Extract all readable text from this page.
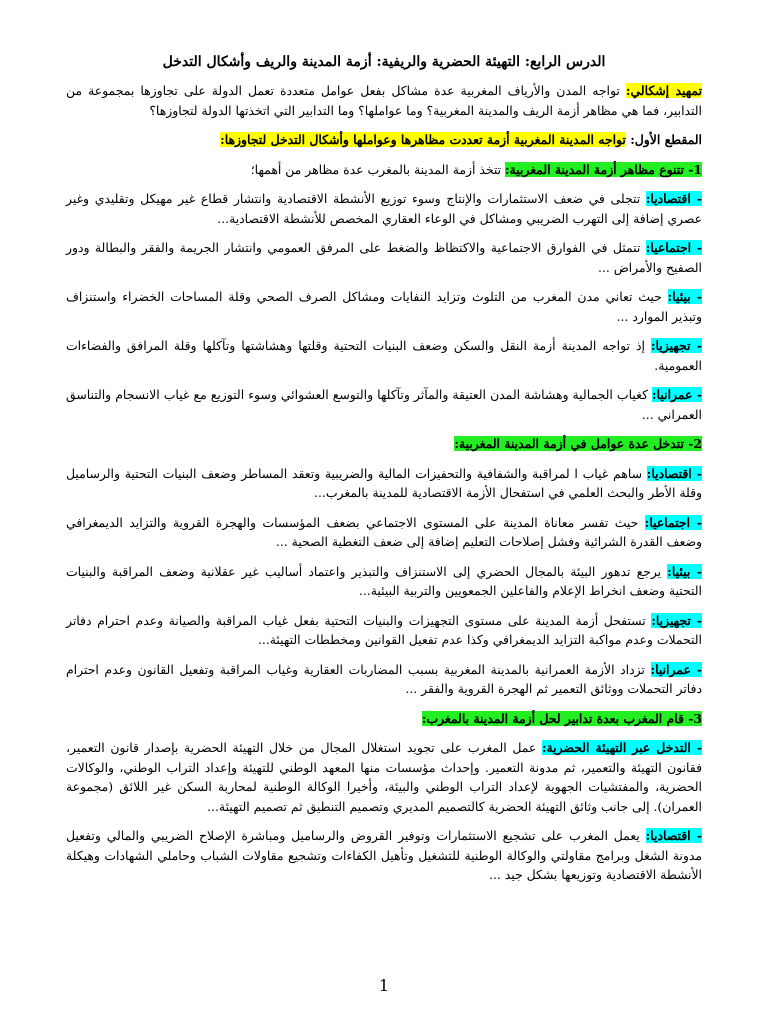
الدرس الرابع: التهيئة الحضرية والريفية: أزمة المدينة والريف وأشكال التدخل

تمهيد إشكالي: تواجه المدن والأرياف المغربية عدة مشاكل بفعل عوامل متعددة تعمل الدولة على تجاوزها بمجموعة من التدابير، فما هي مظاهر أزمة الريف والمدينة المغربية؟ وما عواملها؟ وما التدابير التي اتخذتها الدولة لتجاوزها؟

المقطع الأول: تواجه المدينة المغربية أزمة تعددت مظاهرها وعواملها وأشكال التدخل لتجاوزها:

1- تتنوع مظاهر أزمة المدينة المغربية: تتخذ أزمة المدينة بالمغرب عدة مظاهر من أهمها؛

- اقتصاديا: تتجلى في ضعف الاستثمارات والإنتاج وسوء توزيع الأنشطة الاقتصادية وانتشار قطاع غير مهيكل وتقليدي وغير عصري إضافة إلى التهرب الضريبي ومشاكل في الوعاء العقاري المخصص للأنشطة الاقتصادية...

- اجتماعيا: تتمثل في الفوارق الاجتماعية والاكتظاظ والضغط على المرفق العمومي وانتشار الجريمة والفقر والبطالة ودور الصفيح والأمراض ...

- بيئيا: حيث تعاني مدن المغرب من التلوث وتزايد النفايات ومشاكل الصرف الصحي وقلة المساحات الخضراء واستنزاف وتبذير الموارد ...

- تجهيزيا: إذ تواجه المدينة أزمة النقل والسكن وضعف البنيات التحتية وقلتها وهشاشتها وتآكلها وقلة المرافق والفضاءات العمومية.

- عمرانيا: كغياب الجمالية وهشاشة المدن العتيقة والمآثر وتآكلها والتوسع العشوائي وسوء التوزيع مع غياب الانسجام والتناسق العمراني ...

2- تتدخل عدة عوامل في أزمة المدينة المغربية:

- اقتصاديا: ساهم غياب ا لمراقبة والشفافية والتحفيزات المالية والضريبية وتعقد المساطر وضعف البنيات التحتية والرساميل وقلة الأطر والبحث العلمي في استفحال الأزمة الاقتصادية للمدينة بالمغرب...

- اجتماعيا: حيث تفسر معاناة المدينة على المستوى الاجتماعي بضعف المؤسسات والهجرة القروية والتزايد الديمغرافي وضعف القدرة الشرائية وفشل إصلاحات التعليم إضافة إلى ضعف التغطية الصحية ...

- بيئيا: يرجع تدهور البيئة بالمجال الحضري إلى الاستنزاف والتبذير واعتماد أساليب غير عقلانية وضعف المراقبة والبنيات التحتية وضعف انخراط الإعلام والفاعلين الجمعويين والتربية البيئية...

- تجهيزيا: تستفحل أزمة المدينة على مستوى التجهيزات والبنيات التحتية بفعل غياب المراقبة والصيانة وعدم احترام دفاتر التحملات وعدم مواكبة التزايد الديمغرافي وكذا عدم تفعيل القوانين ومخططات التهيئة...

- عمرانيا: تزداد الأزمة العمرانية بالمدينة المغربية بسبب المضاربات العقارية وغياب المراقبة وتفعيل القانون وعدم احترام دفاتر التحملات ووثائق التعمير ثم الهجرة القروية والفقر ...

3- قام المغرب بعدة تدابير لحل أزمة المدينة بالمغرب:

- التدخل عبر التهيئة الحضرية: عمل المغرب على تجويد استغلال المجال من خلال التهيئة الحضرية بإصدار قانون التعمير، فقانون التهيئة والتعمير، ثم مدونة التعمير. وإحداث مؤسسات منها المعهد الوطني للتهيئة وإعداد التراب الوطني، والوكالات الحضرية، والمفتشيات الجهوية لإعداد التراب الوطني والبيئة، وأخيرا الوكالة الوطنية لمحاربة السكن غير اللائق (مجموعة العمران). إلى جانب وثائق التهيئة الحضرية كالتصميم المديري وتصميم التنطيق ثم تصميم التهيئة...

- اقتصاديا: يعمل المغرب على تشجيع الاستثمارات وتوفير القروض والرساميل ومباشرة الإصلاح الضريبي والمالي وتفعيل مدونة الشغل وبرامج مقاولتي والوكالة الوطنية للتشغيل وتأهيل الكفاءات وتشجيع مقاولات الشباب وحاملي الشهادات وهيكلة الأنشطة الاقتصادية وتوزيعها بشكل جيد ...

1
